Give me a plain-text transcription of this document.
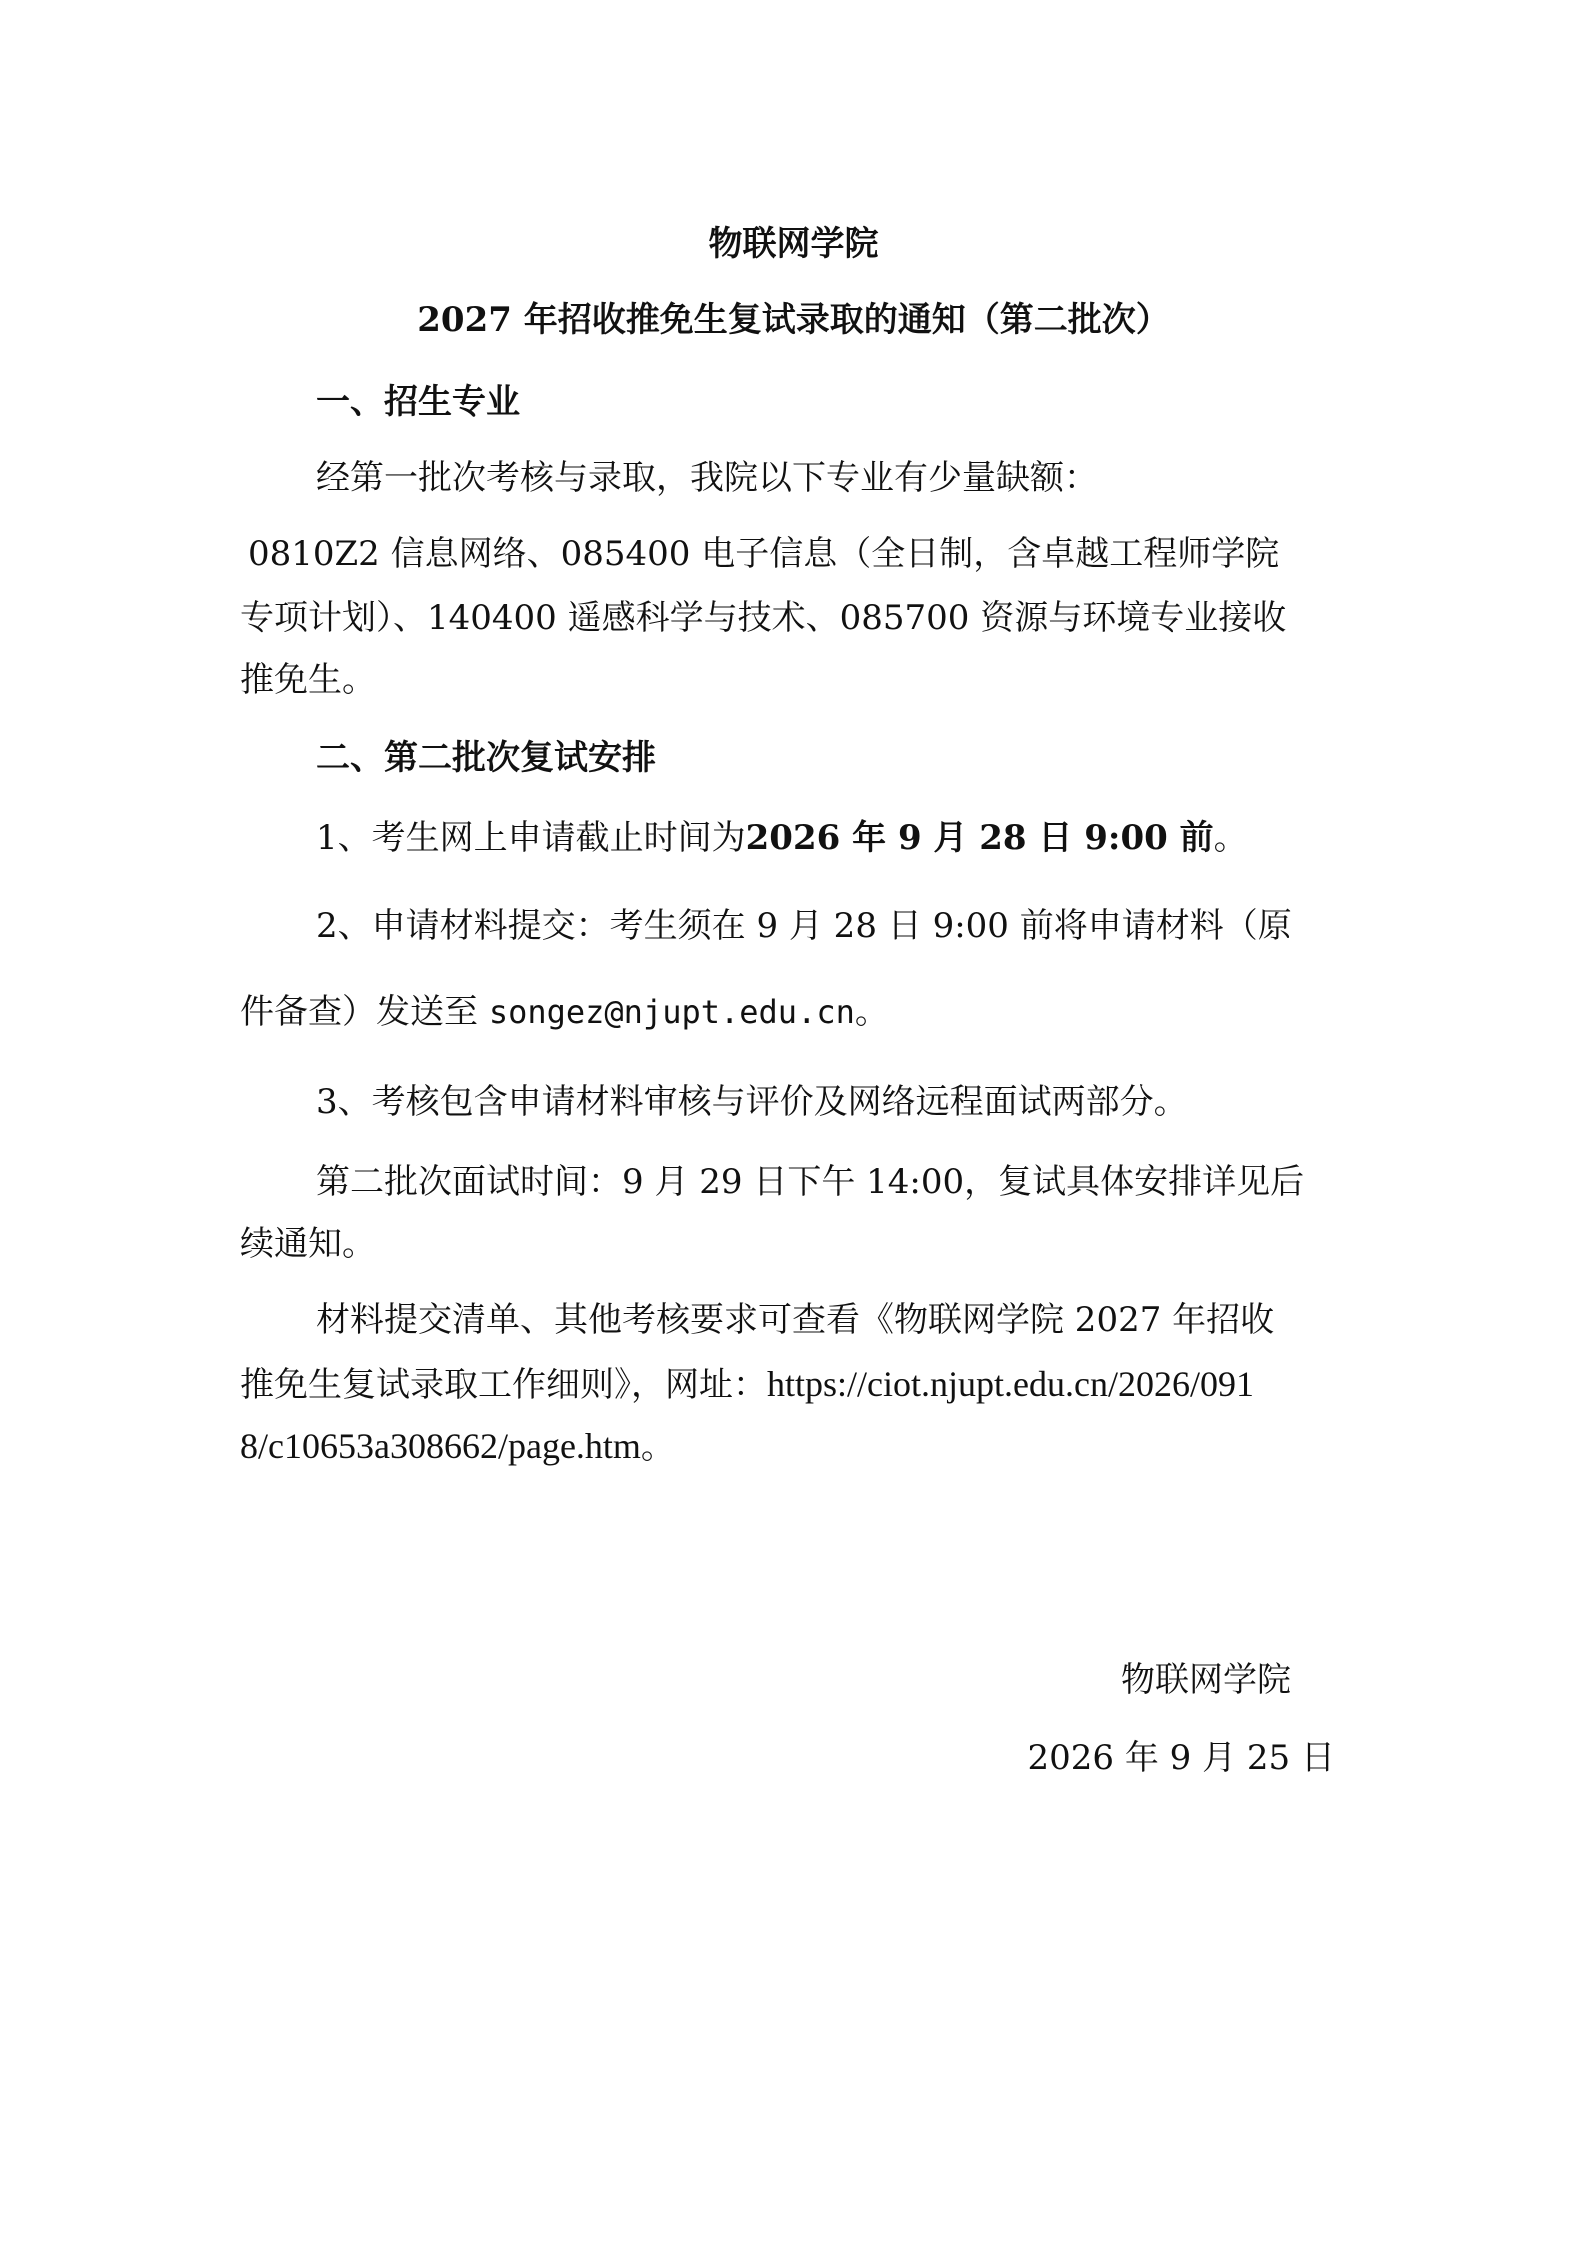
物联网学院

2027 年招收推免生复试录取的通知（第二批次）

一、招生专业

经第一批次考核与录取，我院以下专业有少量缺额：

0810Z2 信息网络、085400 电子信息（全日制，含卓越工程师学院

专项计划）、140400 遥感科学与技术、085700 资源与环境专业接收

推免生。

二、第二批次复试安排

1、考生网上申请截止时间为2026 年 9 月 28 日 9:00 前。

2、申请材料提交：考生须在 9 月 28 日 9:00 前将申请材料（原

件备查）发送至 songez@njupt.edu.cn。

3、考核包含申请材料审核与评价及网络远程面试两部分。

第二批次面试时间：9 月 29 日下午 14:00，复试具体安排详见后

续通知。

材料提交清单、其他考核要求可查看《物联网学院 2027 年招收

推免生复试录取工作细则》，网址：https://ciot.njupt.edu.cn/2026/091

8/c10653a308662/page.htm。

物联网学院

2026 年 9 月 25 日
